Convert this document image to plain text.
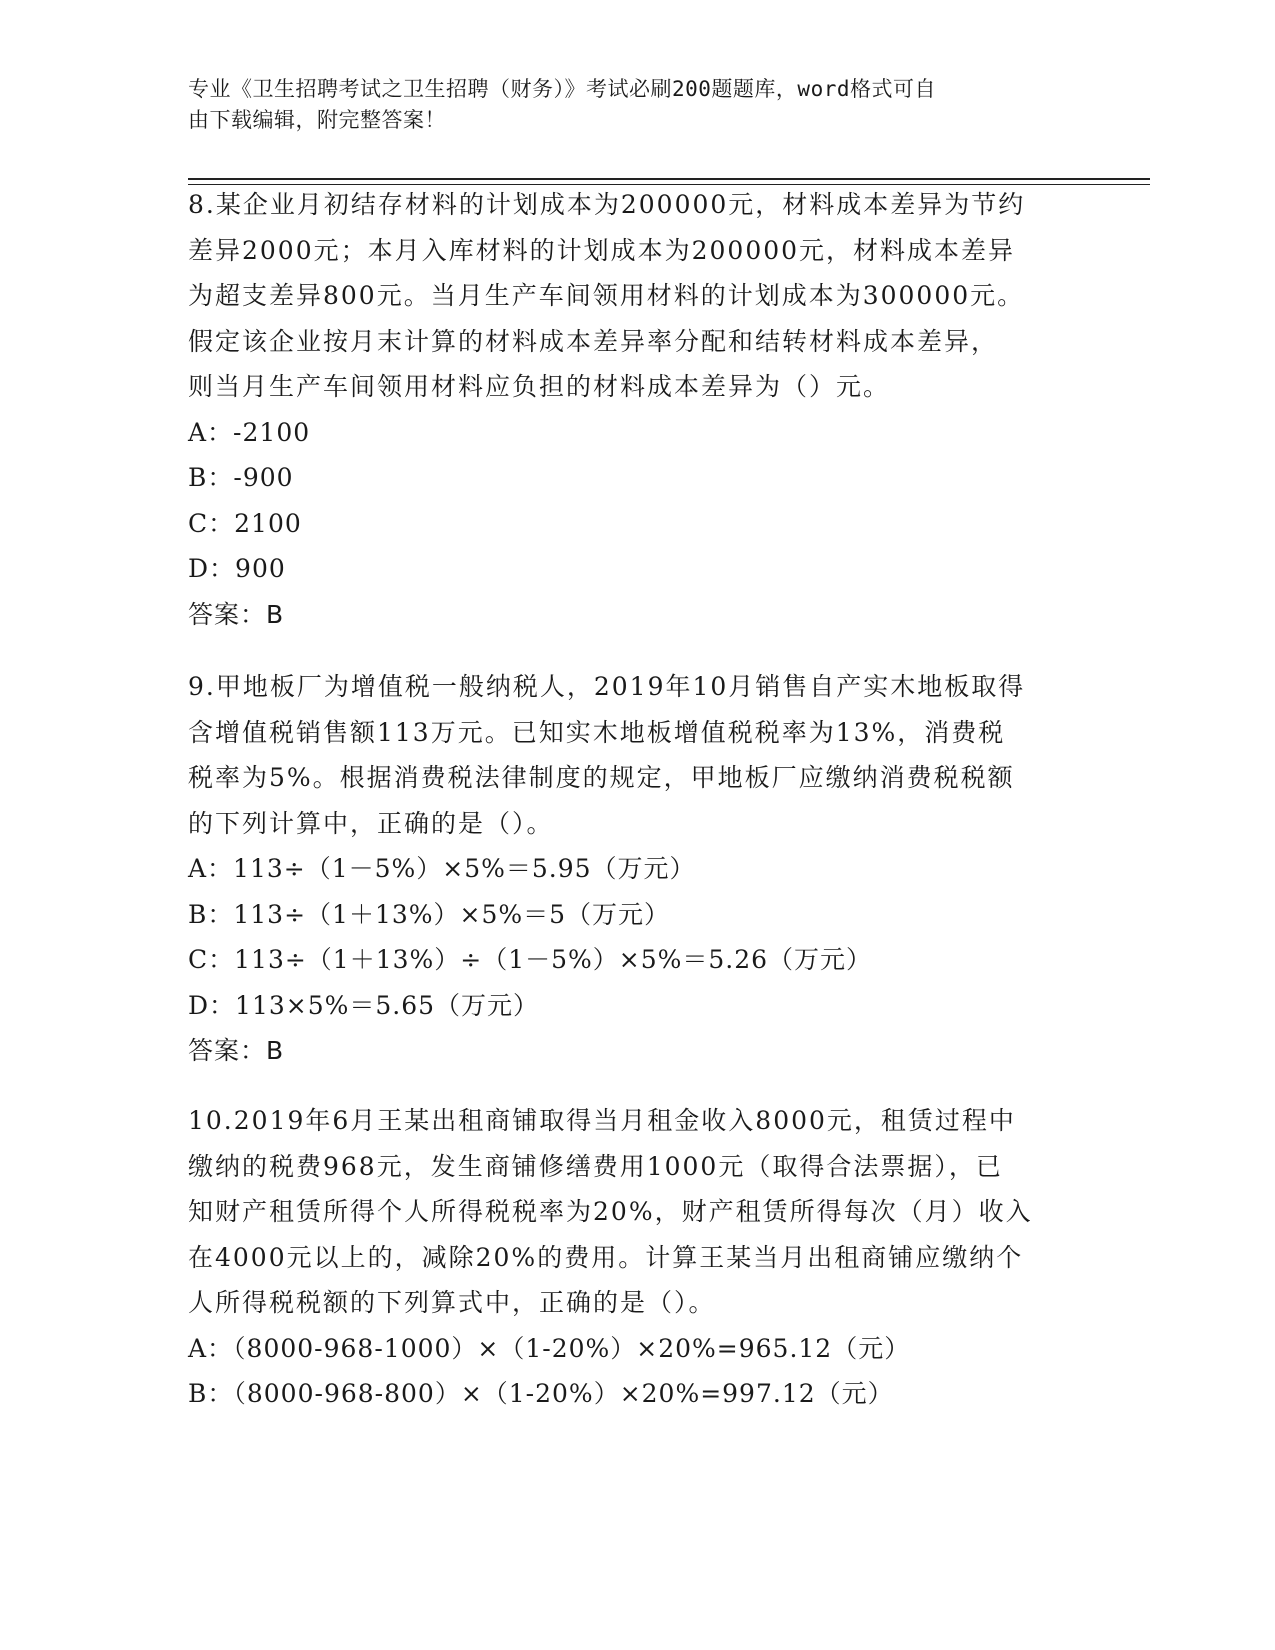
专业《卫生招聘考试之卫生招聘（财务）》考试必刷200题题库，word格式可自
由下载编辑，附完整答案！
8.某企业月初结存材料的计划成本为200000元，材料成本差异为节约
差异2000元；本月入库材料的计划成本为200000元，材料成本差异
为超支差异800元。当月生产车间领用材料的计划成本为300000元。
假定该企业按月末计算的材料成本差异率分配和结转材料成本差异，
则当月生产车间领用材料应负担的材料成本差异为（）元。
A：-2100
B：-900
C：2100
D：900
答案：B
9.甲地板厂为增值税一般纳税人，2019年10月销售自产实木地板取得
含增值税销售额113万元。已知实木地板增值税税率为13%，消费税
税率为5%。根据消费税法律制度的规定，甲地板厂应缴纳消费税税额
的下列计算中，正确的是（）。
A：113÷（1－5%）×5%＝5.95（万元）
B：113÷（1＋13%）×5%＝5（万元）
C：113÷（1＋13%）÷（1－5%）×5%＝5.26（万元）
D：113×5%＝5.65（万元）
答案：B
10.2019年6月王某出租商铺取得当月租金收入8000元，租赁过程中
缴纳的税费968元，发生商铺修缮费用1000元（取得合法票据），已
知财产租赁所得个人所得税税率为20%，财产租赁所得每次（月）收入
在4000元以上的，减除20%的费用。计算王某当月出租商铺应缴纳个
人所得税税额的下列算式中，正确的是（）。
A：（8000-968-1000）×（1-20%）×20%=965.12（元）
B：（8000-968-800）×（1-20%）×20%=997.12（元）
